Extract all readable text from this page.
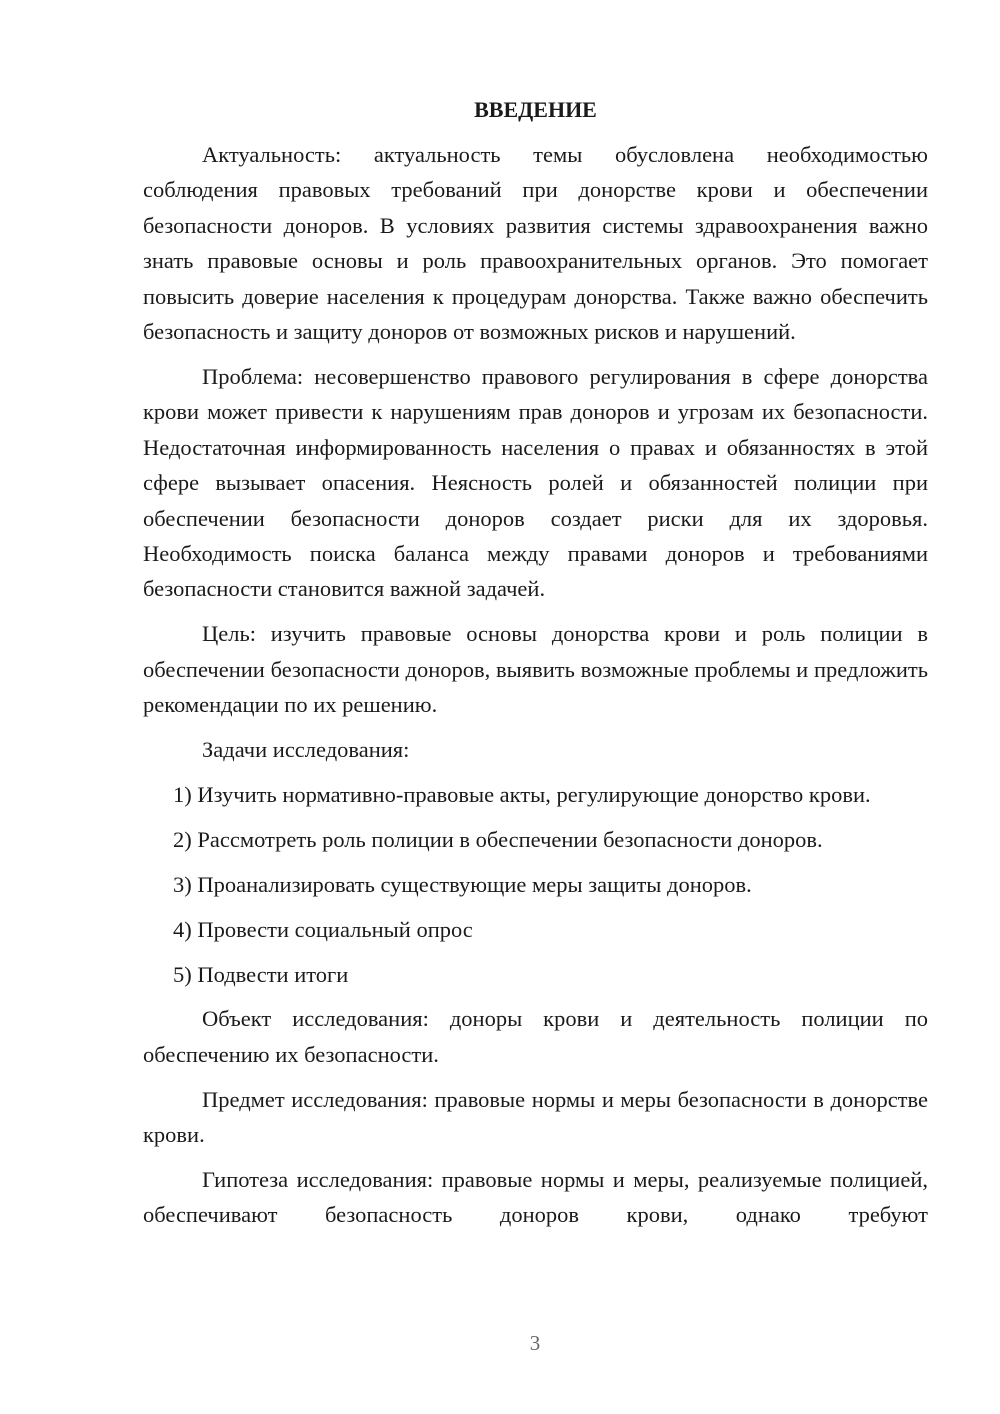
ВВЕДЕНИЕ

Актуальность: актуальность темы обусловлена необходимостью соблюдения правовых требований при донорстве крови и обеспечении безопасности доноров. В условиях развития системы здравоохранения важно знать правовые основы и роль правоохранительных органов. Это помогает повысить доверие населения к процедурам донорства. Также важно обеспечить безопасность и защиту доноров от возможных рисков и нарушений.

Проблема: несовершенство правового регулирования в сфере донорства крови может привести к нарушениям прав доноров и угрозам их безопасности. Недостаточная информированность населения о правах и обязанностях в этой сфере вызывает опасения. Неясность ролей и обязанностей полиции при обеспечении безопасности доноров создает риски для их здоровья. Необходимость поиска баланса между правами доноров и требованиями безопасности становится важной задачей.

Цель: изучить правовые основы донорства крови и роль полиции в обеспечении безопасности доноров, выявить возможные проблемы и предложить рекомендации по их решению.

Задачи исследования:

1) Изучить нормативно-правовые акты, регулирующие донорство крови.

2) Рассмотреть роль полиции в обеспечении безопасности доноров.

3) Проанализировать существующие меры защиты доноров.

4) Провести социальный опрос

5) Подвести итоги

Объект исследования: доноры крови и деятельность полиции по обеспечению их безопасности.

Предмет исследования: правовые нормы и меры безопасности в донорстве крови.

Гипотеза исследования: правовые нормы и меры, реализуемые полицией, обеспечивают безопасность доноров крови, однако требуют

3
